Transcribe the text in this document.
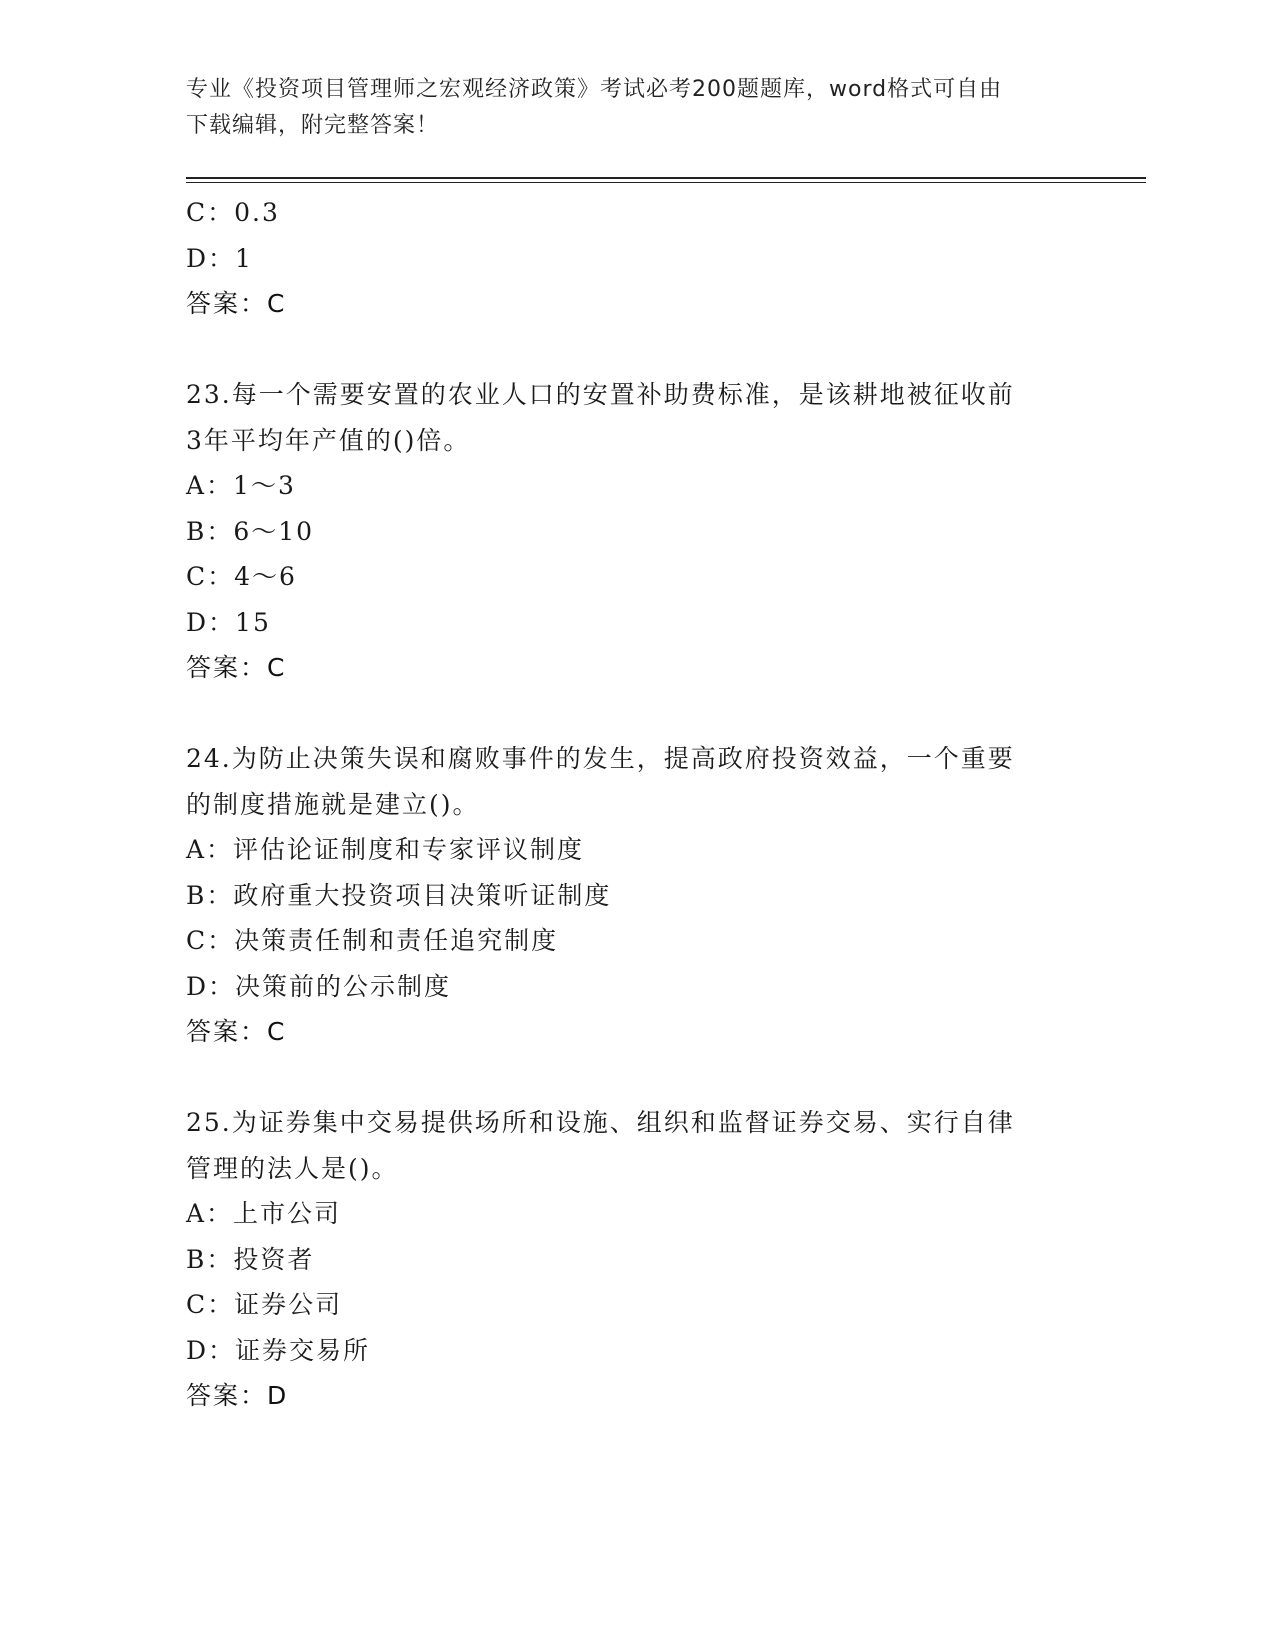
专业《投资项目管理师之宏观经济政策》考试必考200题题库，word格式可自由
下载编辑，附完整答案！
C：0.3
D：1
答案：C
23.每一个需要安置的农业人口的安置补助费标准，是该耕地被征收前
3年平均年产值的()倍。
A：1～3
B：6～10
C：4～6
D：15
答案：C
24.为防止决策失误和腐败事件的发生，提高政府投资效益，一个重要
的制度措施就是建立()。
A：评估论证制度和专家评议制度
B：政府重大投资项目决策听证制度
C：决策责任制和责任追究制度
D：决策前的公示制度
答案：C
25.为证券集中交易提供场所和设施、组织和监督证券交易、实行自律
管理的法人是()。
A：上市公司
B：投资者
C：证券公司
D：证券交易所
答案：D
